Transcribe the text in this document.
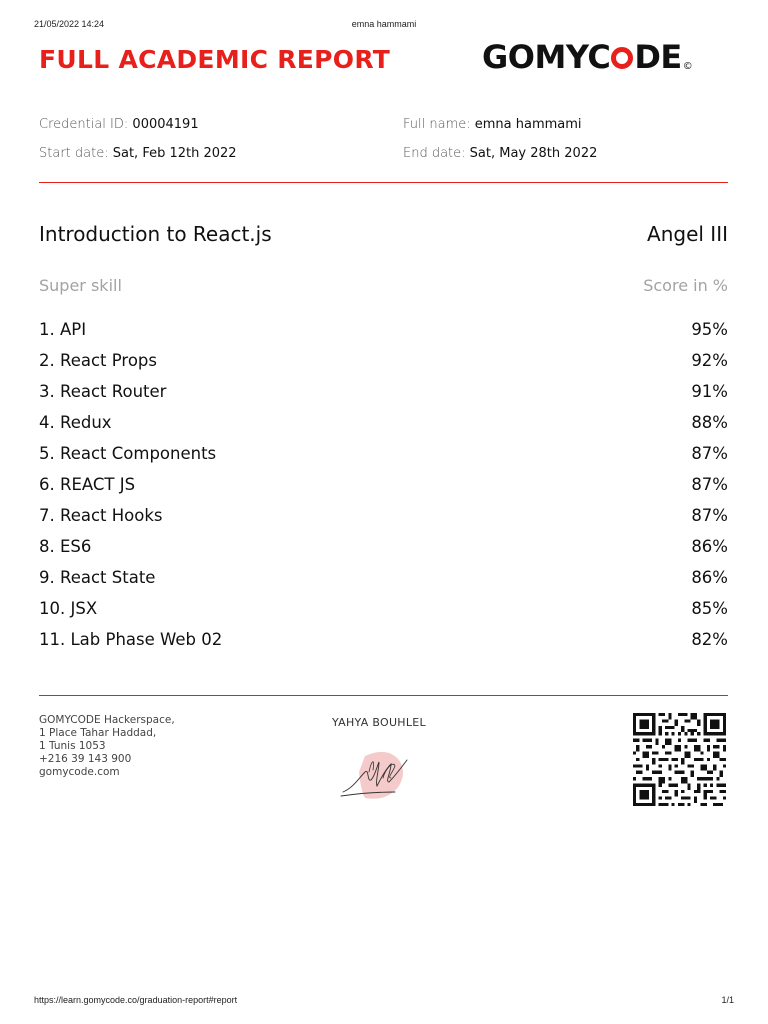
21/05/2022 14:24	emna hammami
FULL ACADEMIC REPORT	GOMYC DE©
Credential ID: 00004191	Full name: emna hammami
Start date: Sat, Feb 12th 2022	End date: Sat, May 28th 2022
Introduction to React.js	Angel III
Super skill	Score in %
1. API	95%
2. React Props	92%
3. React Router	91%
4. Redux	88%
5. React Components	87%
6. REACT JS	87%
7. React Hooks	87%
8. ES6	86%
9. React State	86%
10. JSX	85%
11. Lab Phase Web 02	82%
GOMYCODE Hackerspace,
1 Place Tahar Haddad,
1 Tunis 1053
+216 39 143 900
gomycode.com
YAHYA BOUHLEL
https://learn.gomycode.co/graduation-report#report	1/1
